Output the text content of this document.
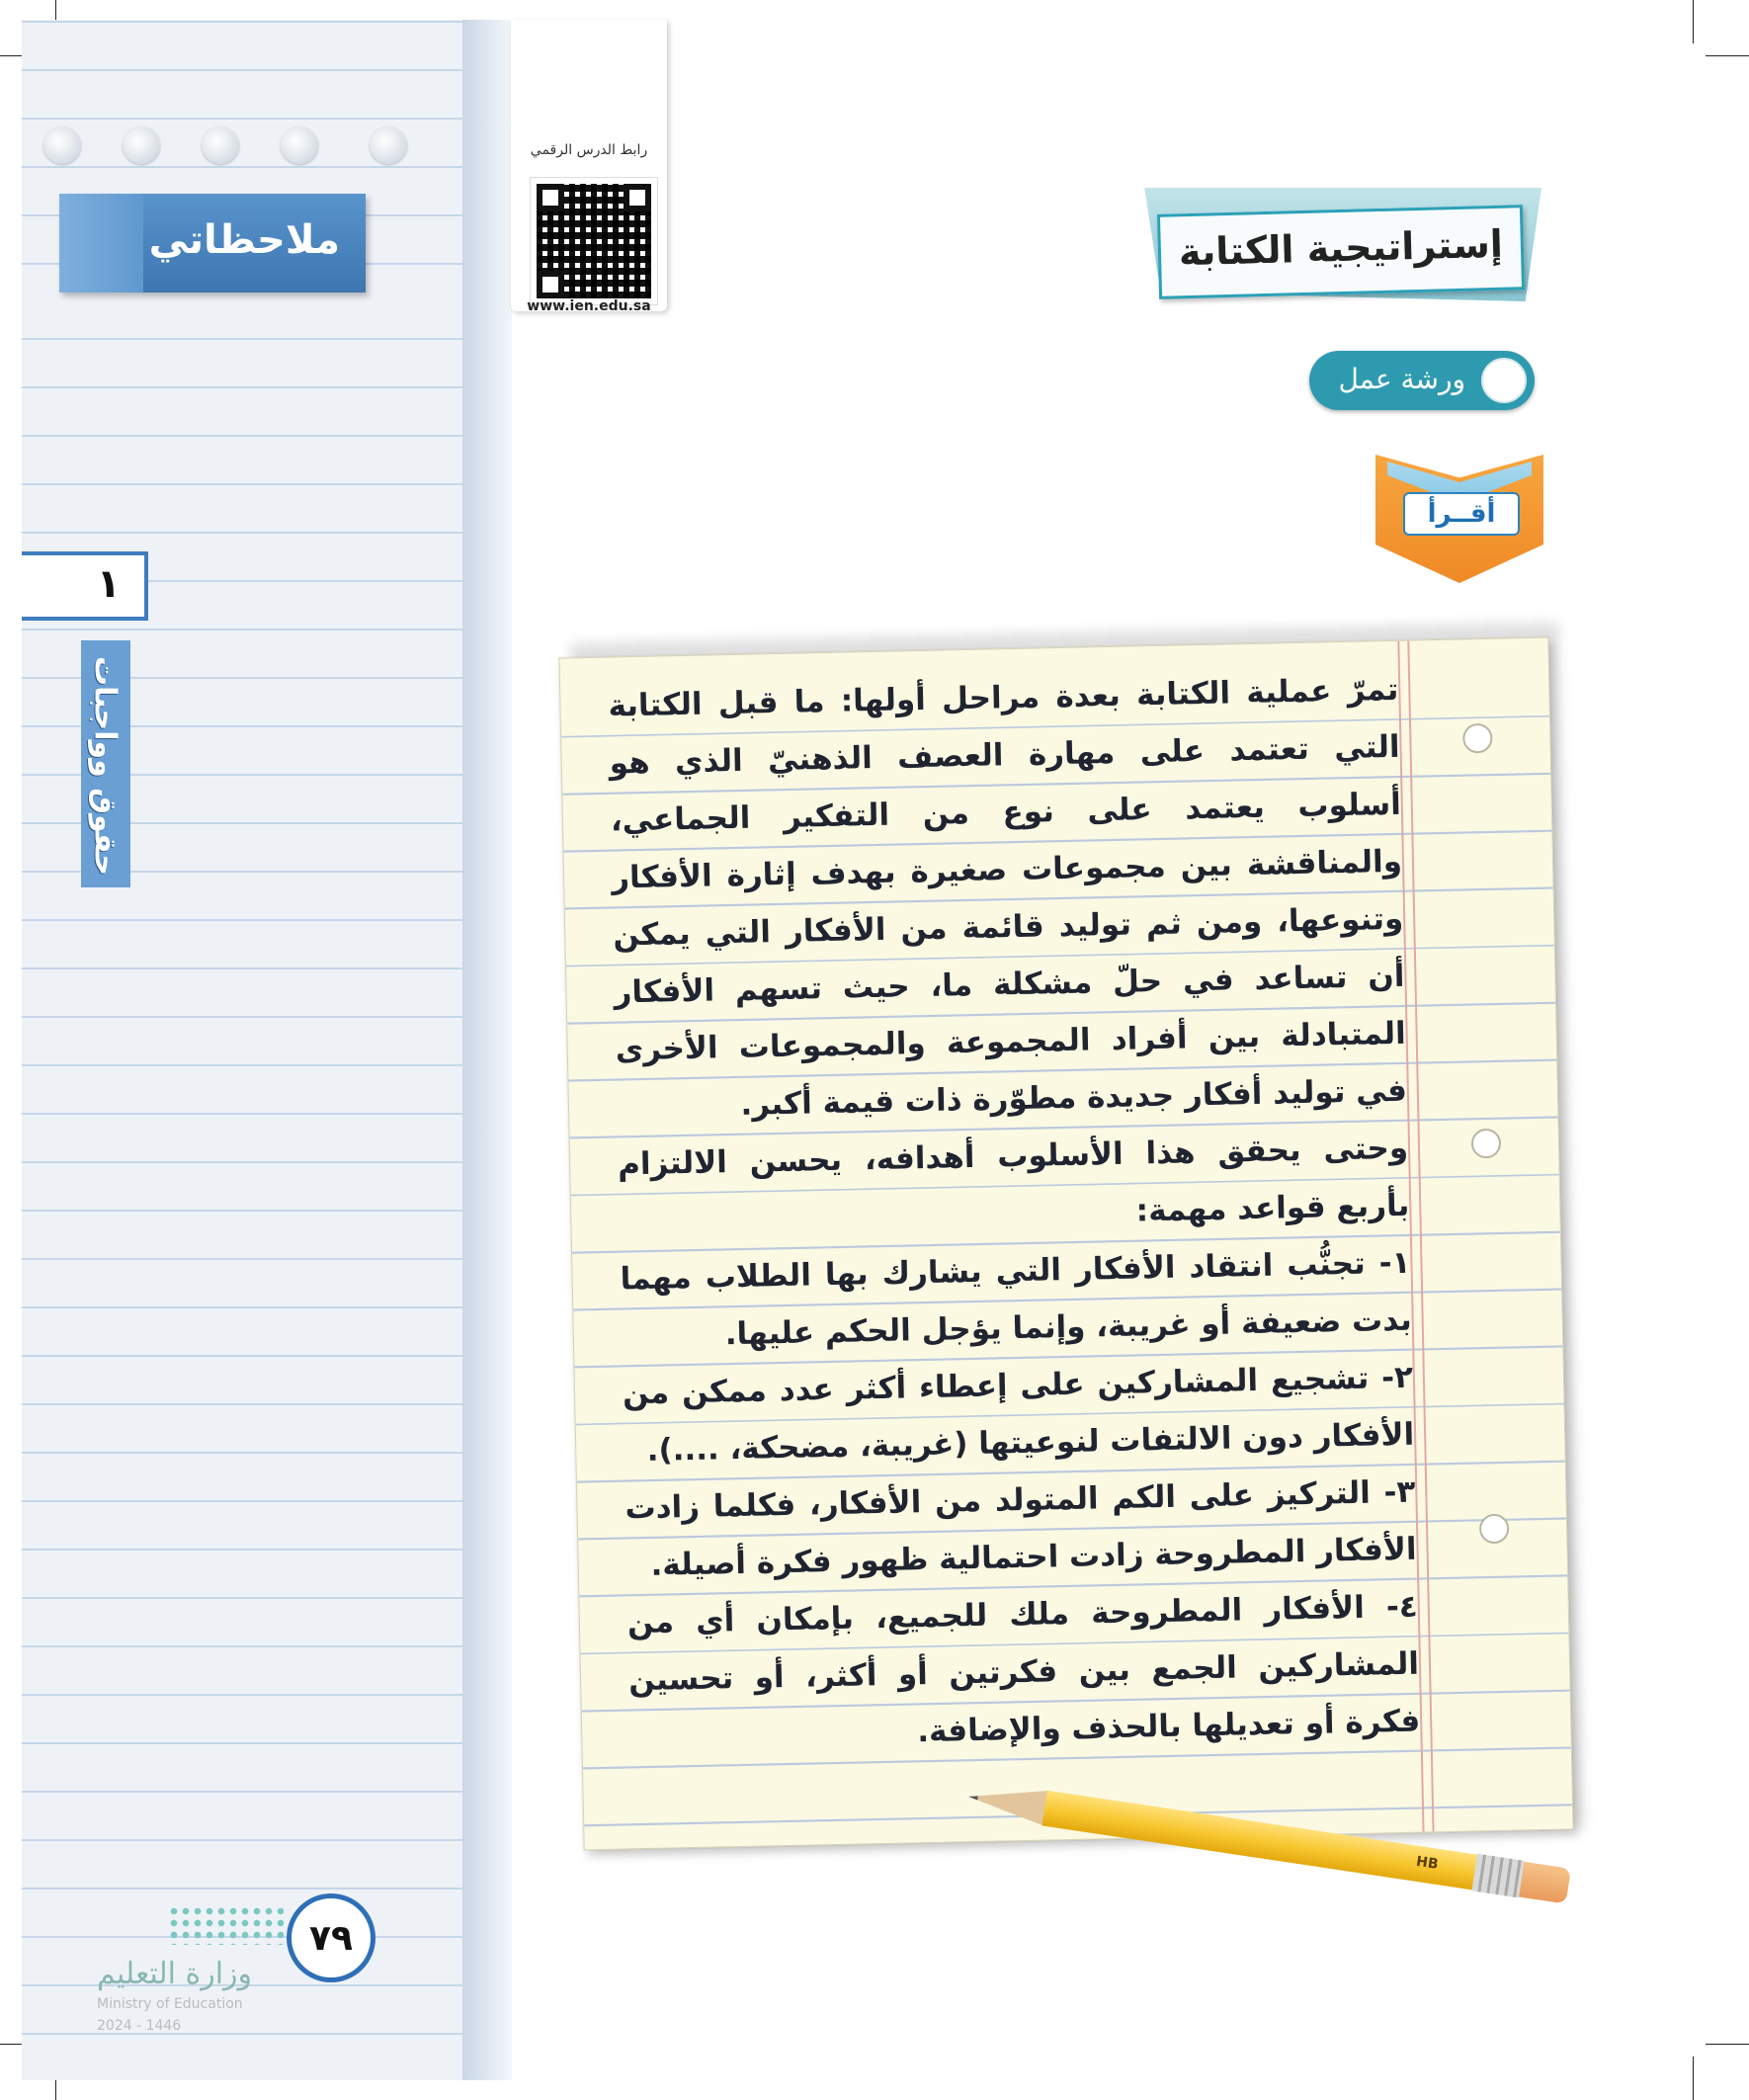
ملاحظاتي
١
حقوق وواجبات
وزارة التعليم
Ministry of Education
2024 - 1446
٧٩
رابط الدرس الرقمي
www.ien.edu.sa
إستراتيجية الكتابة
ورشة عمل
أقــرأ

تمرّ عملية الكتابة بعدة مراحل أولها: ما قبل الكتابة التي تعتمد على مهارة العصف الذهنيّ الذي هو أسلوب يعتمد على نوع من التفكير الجماعي، والمناقشة بين مجموعات صغيرة بهدف إثارة الأفكار وتنوعها، ومن ثم توليد قائمة من الأفكار التي يمكن أن تساعد في حلّ مشكلة ما، حيث تسهم الأفكار المتبادلة بين أفراد المجموعة والمجموعات الأخرى في توليد أفكار جديدة مطوّرة ذات قيمة أكبر.

وحتى يحقق هذا الأسلوب أهدافه، يحسن الالتزام بأربع قواعد مهمة:

١- تجنُّب انتقاد الأفكار التي يشارك بها الطلاب مهما بدت ضعيفة أو غريبة، وإنما يؤجل الحكم عليها.

٢- تشجيع المشاركين على إعطاء أكثر عدد ممكن من الأفكار دون الالتفات لنوعيتها (غريبة، مضحكة، ....).

٣- التركيز على الكم المتولد من الأفكار، فكلما زادت الأفكار المطروحة زادت احتمالية ظهور فكرة أصيلة.

٤- الأفكار المطروحة ملك للجميع، بإمكان أي من المشاركين الجمع بين فكرتين أو أكثر، أو تحسين فكرة أو تعديلها بالحذف والإضافة.

HB
